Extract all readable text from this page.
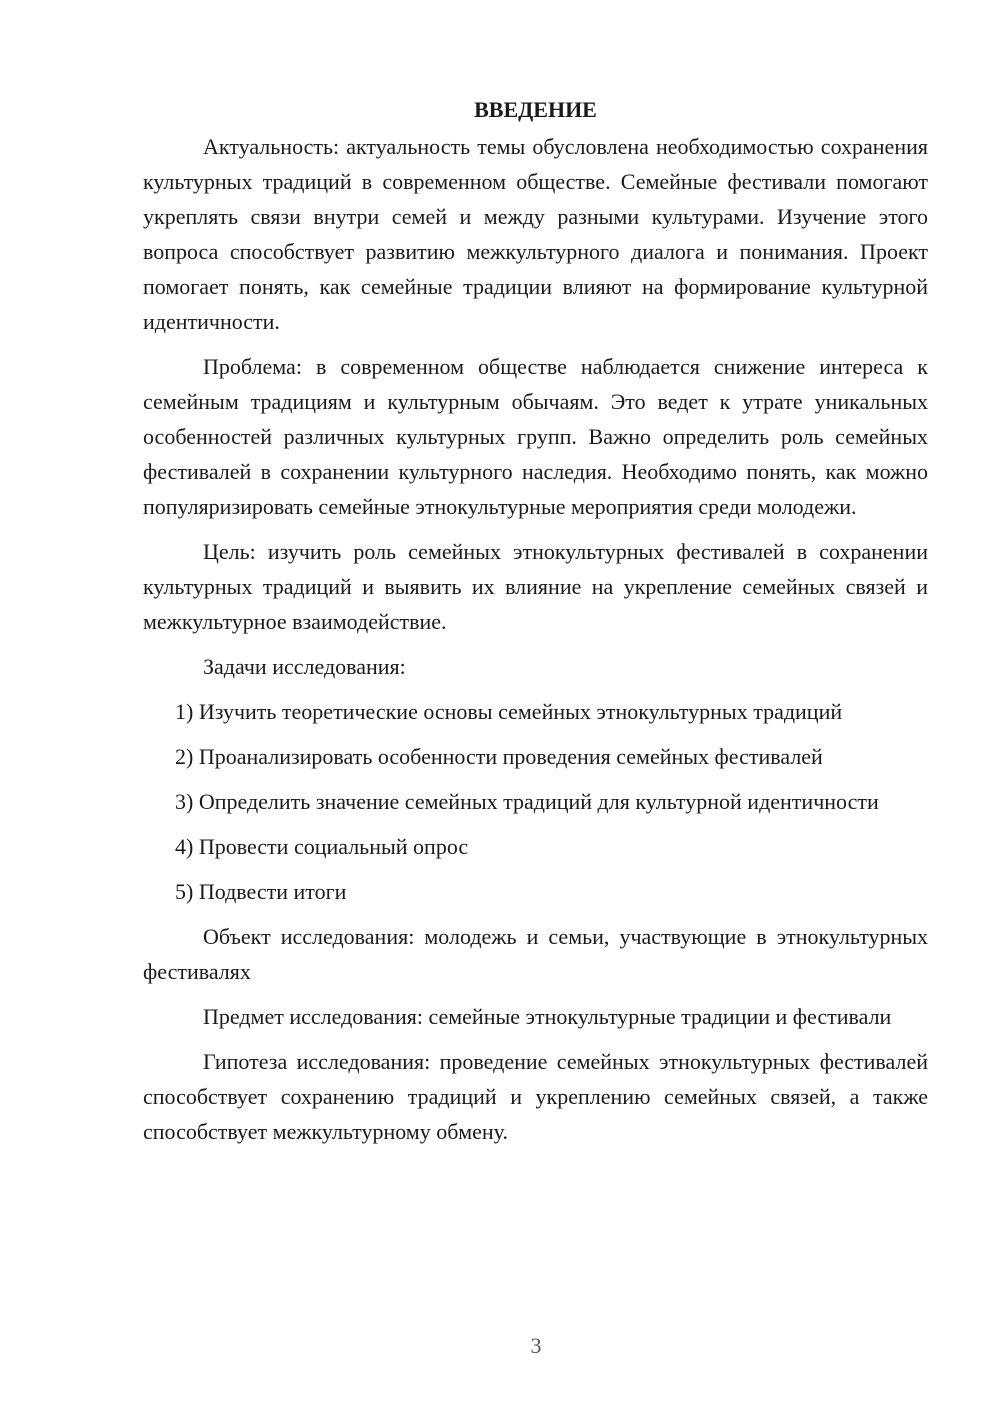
ВВЕДЕНИЕ

Актуальность: актуальность темы обусловлена необходимостью сохранения культурных традиций в современном обществе. Семейные фестивали помогают укреплять связи внутри семей и между разными культурами. Изучение этого вопроса способствует развитию межкультурного диалога и понимания. Проект помогает понять, как семейные традиции влияют на формирование культурной идентичности.

Проблема: в современном обществе наблюдается снижение интереса к семейным традициям и культурным обычаям. Это ведет к утрате уникальных особенностей различных культурных групп. Важно определить роль семейных фестивалей в сохранении культурного наследия. Необходимо понять, как можно популяризировать семейные этнокультурные мероприятия среди молодежи.

Цель: изучить роль семейных этнокультурных фестивалей в сохранении культурных традиций и выявить их влияние на укрепление семейных связей и межкультурное взаимодействие.

Задачи исследования:

1) Изучить теоретические основы семейных этнокультурных традиций

2) Проанализировать особенности проведения семейных фестивалей

3) Определить значение семейных традиций для культурной идентичности

4) Провести социальный опрос

5) Подвести итоги

Объект исследования: молодежь и семьи, участвующие в этнокультурных фестивалях

Предмет исследования: семейные этнокультурные традиции и фестивали

Гипотеза исследования: проведение семейных этнокультурных фестивалей способствует сохранению традиций и укреплению семейных связей, а также способствует межкультурному обмену.

3
